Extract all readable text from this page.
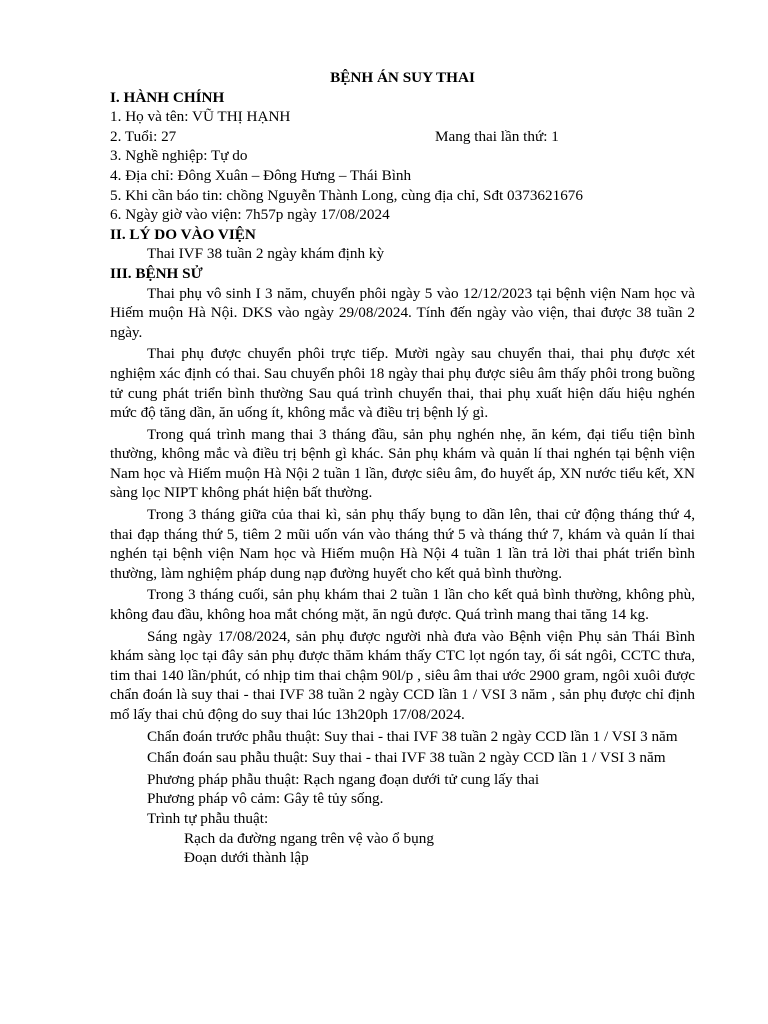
BỆNH ÁN SUY THAI
I. HÀNH CHÍNH
1. Họ và tên: VŨ THỊ HẠNH
2. Tuổi: 27	Mang thai lần thứ: 1
3. Nghề nghiệp: Tự do
4. Địa chỉ: Đông Xuân – Đông Hưng – Thái Bình
5. Khi cần báo tin: chồng Nguyễn Thành Long, cùng địa chỉ, Sđt 0373621676
6. Ngày giờ vào viện: 7h57p ngày 17/08/2024
II. LÝ DO VÀO VIỆN
Thai IVF 38 tuần 2 ngày khám định kỳ
III. BỆNH SỬ

Thai phụ vô sinh I 3 năm, chuyển phôi ngày 5 vào 12/12/2023 tại bệnh viện Nam học và Hiếm muộn Hà Nội. DKS vào ngày 29/08/2024. Tính đến ngày vào viện, thai được 38 tuần 2 ngày.

Thai phụ được chuyển phôi trực tiếp. Mười ngày sau chuyển thai, thai phụ được xét nghiệm xác định có thai. Sau chuyển phôi 18 ngày thai phụ được siêu âm thấy phôi trong buồng tử cung phát triển bình thường Sau quá trình chuyển thai, thai phụ xuất hiện dấu hiệu nghén mức độ tăng dần, ăn uống ít, không mắc và điều trị bệnh lý gì.

Trong quá trình mang thai 3 tháng đầu, sản phụ nghén nhẹ, ăn kém, đại tiểu tiện bình thường, không mắc và điều trị bệnh gì khác. Sản phụ khám và quản lí thai nghén tại bệnh viện Nam học và Hiếm muộn Hà Nội 2 tuần 1 lần, được siêu âm, đo huyết áp, XN nước tiểu kết, XN sàng lọc NIPT không phát hiện bất thường.

Trong 3 tháng giữa của thai kì, sản phụ thấy bụng to dần lên, thai cử động tháng thứ 4, thai đạp tháng thứ 5, tiêm 2 mũi uốn ván vào tháng thứ 5 và tháng thứ 7, khám và quản lí thai nghén tại bệnh viện Nam học và Hiếm muộn Hà Nội 4 tuần 1 lần trả lời thai phát triển bình thường, làm nghiệm pháp dung nạp đường huyết cho kết quả bình thường.

Trong 3 tháng cuối, sản phụ khám thai 2 tuần 1 lần cho kết quả bình thường, không phù, không đau đầu, không hoa mắt chóng mặt, ăn ngủ được. Quá trình mang thai tăng 14 kg.

Sáng ngày 17/08/2024, sản phụ được người nhà đưa vào Bệnh viện Phụ sản Thái Bình khám sàng lọc tại đây sản phụ được thăm khám thấy CTC lọt ngón tay, ối sát ngôi, CCTC thưa, tim thai 140 lần/phút, có nhịp tim thai chậm 90l/p , siêu âm thai ước 2900 gram, ngôi xuôi được chẩn đoán là suy thai - thai IVF 38 tuần 2 ngày CCD lần 1 / VSI 3 năm , sản phụ được chỉ định mổ lấy thai chủ động do suy thai lúc 13h20ph 17/08/2024.

Chẩn đoán trước phẫu thuật: Suy thai - thai IVF 38 tuần 2 ngày CCD lần 1 / VSI 3 năm

Chẩn đoán sau phẫu thuật: Suy thai - thai IVF 38 tuần 2 ngày CCD lần 1 / VSI 3 năm

Phương pháp phẫu thuật: Rạch ngang đoạn dưới tử cung lấy thai
Phương pháp vô cảm: Gây tê tủy sống.
Trình tự phẫu thuật:
Rạch da đường ngang trên vệ vào ổ bụng
Đoạn dưới thành lập
